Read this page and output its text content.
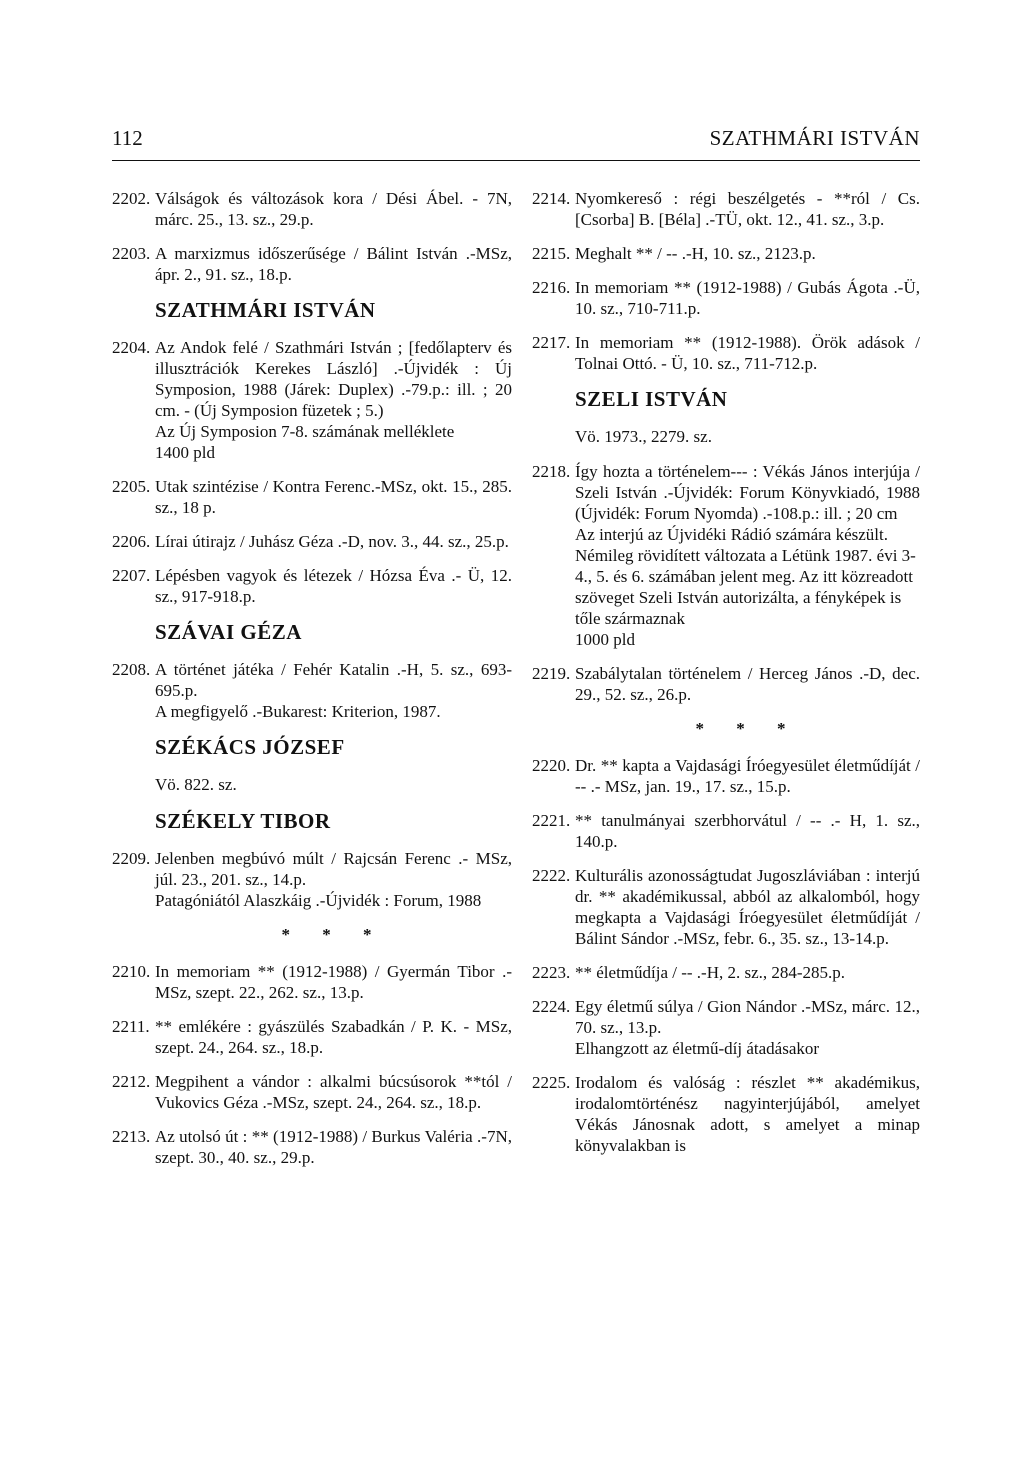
112	SZATHMÁRI ISTVÁN
2202. Válságok és változások kora / Dési Ábel. - 7N, márc. 25., 13. sz., 29.p.
2203. A marxizmus időszerűsége / Bálint István .-MSz, ápr. 2., 91. sz., 18.p.
SZATHMÁRI ISTVÁN
2204. Az Andok felé / Szathmári István ; [fedőlapterv és illusztrációk Kerekes László] .-Újvidék : Új Symposion, 1988 (Járek: Duplex) .-79.p.: ill. ; 20 cm. - (Új Symposion füzetek ; 5.)
Az Új Symposion 7-8. számának melléklete
1400 pld
2205. Utak szintézise / Kontra Ferenc.-MSz, okt. 15., 285. sz., 18 p.
2206. Lírai útirajz / Juhász Géza .-D, nov. 3., 44. sz., 25.p.
2207. Lépésben vagyok és létezek / Hózsa Éva .- Ü, 12. sz., 917-918.p.
SZÁVAI GÉZA
2208. A történet játéka / Fehér Katalin .-H, 5. sz., 693-695.p.
A megfigyelő .-Bukarest: Kriterion, 1987.
SZÉKÁCS JÓZSEF
Vö. 822. sz.
SZÉKELY TIBOR
2209. Jelenben megbúvó múlt / Rajcsán Ferenc .- MSz, júl. 23., 201. sz., 14.p.
Patagóniától Alaszkáig .-Újvidék : Forum, 1988
* * *
2210. In memoriam ** (1912-1988) / Gyermán Tibor .-MSz, szept. 22., 262. sz., 13.p.
2211. ** emlékére : gyászülés Szabadkán / P. K. - MSz, szept. 24., 264. sz., 18.p.
2212. Megpihent a vándor : alkalmi búcsúsorok **tól / Vukovics Géza .-MSz, szept. 24., 264. sz., 18.p.
2213. Az utolsó út : ** (1912-1988) / Burkus Valéria .-7N, szept. 30., 40. sz., 29.p.
2214. Nyomkereső : régi beszélgetés - **ról / Cs. [Csorba] B. [Béla] .-TÜ, okt. 12., 41. sz., 3.p.
2215. Meghalt ** / -- .-H, 10. sz., 2123.p.
2216. In memoriam ** (1912-1988) / Gubás Ágota .-Ü, 10. sz., 710-711.p.
2217. In memoriam ** (1912-1988). Örök adások / Tolnai Ottó. - Ü, 10. sz., 711-712.p.
SZELI ISTVÁN
Vö. 1973., 2279. sz.
2218. Így hozta a történelem--- : Vékás János interjúja / Szeli István .-Újvidék: Forum Könyvkiadó, 1988 (Újvidék: Forum Nyomda) .-108.p.: ill. ; 20 cm
Az interjú az Újvidéki Rádió számára készült. Némileg rövidített változata a Létünk 1987. évi 3-4., 5. és 6. számában jelent meg. Az itt közreadott szöveget Szeli István autorizálta, a fényképek is tőle származnak
1000 pld
2219. Szabálytalan történelem / Herceg János .-D, dec. 29., 52. sz., 26.p.
* * *
2220. Dr. ** kapta a Vajdasági Íróegyesület életműdíját / -- .- MSz, jan. 19., 17. sz., 15.p.
2221. ** tanulmányai szerbhorvátul / -- .- H, 1. sz., 140.p.
2222. Kulturális azonosságtudat Jugoszláviában : interjú dr. ** akadémikussal, abból az alkalomból, hogy megkapta a Vajdasági Íróegyesület életműdíját / Bálint Sándor .-MSz, febr. 6., 35. sz., 13-14.p.
2223. ** életműdíja / -- .-H, 2. sz., 284-285.p.
2224. Egy életmű súlya / Gion Nándor .-MSz, márc. 12., 70. sz., 13.p.
Elhangzott az életmű-díj átadásakor
2225. Irodalom és valóság : részlet ** akadémikus, irodalomtörténész nagyinterjújából, amelyet Vékás Jánosnak adott, s amelyet a minap könyvalakban is
